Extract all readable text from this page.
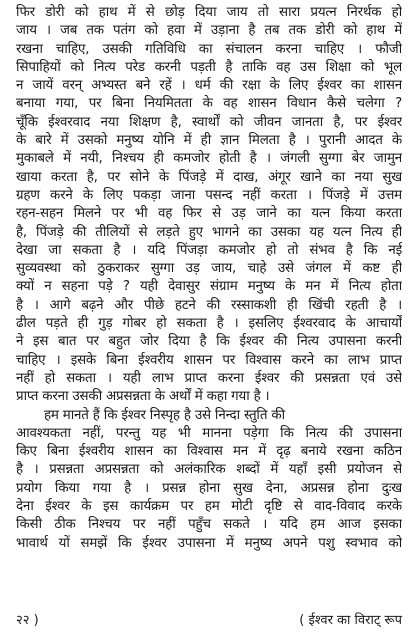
फिर डोरी को हाथ में से छोड़ दिया जाय तो सारा प्रयत्न निरर्थक हो
जाय । जब तक पतंग को हवा में उड़ाना है तब तक डोरी को हाथ में
रखना चाहिए, उसकी गतिविधि का संचालन करना चाहिए । फौजी
सिपाहियों को नित्य परेड करनी पड़ती है ताकि वह उस शिक्षा को भूल
न जायें वरन् अभ्यस्त बने रहें । धर्म की रक्षा के लिए ईश्वर का शासन
बनाया गया, पर बिना नियमितता के वह शासन विधान कैसे चलेगा ?
चूँकि ईश्वरवाद नया शिक्षण है, स्वार्थों को जीवन जानता है, पर ईश्वर
के बारे में उसको मनुष्य योनि में ही ज्ञान मिलता है । पुरानी आदत के
मुकाबले में नयी, निश्चय ही कमजोर होती है । जंगली सुग्गा बेर जामुन
खाया करता है, पर सोने के पिंजड़े में दाख, अंगूर खाने का नया सुख
ग्रहण करने के लिए पकड़ा जाना पसन्द नहीं करता । पिंजड़े में उत्तम
रहन-सहन मिलने पर भी वह फिर से उड़ जाने का यत्न किया करता
है, पिंजड़े की तीलियों से लड़ते हुए भागने का उसका यह यत्न नित्य ही
देखा जा सकता है । यदि पिंजड़ा कमजोर हो तो संभव है कि नई
सुव्यवस्था को ठुकराकर सुग्गा उड़ जाय, चाहे उसे जंगल में कष्ट ही
क्यों न सहना पड़े ? यही देवासुर संग्राम मनुष्य के मन में नित्य होता
है । आगे बढ़ने और पीछे हटने की रस्साकशी ही खिंची रहती है ।
ढील पड़ते ही गुड़ गोबर हो सकता है । इसलिए ईश्वरवाद के आचार्यों
ने इस बात पर बहुत जोर दिया है कि ईश्वर की नित्य उपासना करनी
चाहिए । इसके बिना ईश्वरीय शासन पर विश्वास करने का लाभ प्राप्त
नहीं हो सकता । यही लाभ प्राप्त करना ईश्वर की प्रसन्नता एवं उसे
प्राप्त करना उसकी अप्रसन्नता के अर्थों में कहा गया है ।
हम मानते हैं कि ईश्वर निस्पृह है उसे निन्दा स्तुति की
आवश्यकता नहीं, परन्तु यह भी मानना पड़ेगा कि नित्य की उपासना
किए बिना ईश्वरीय शासन का विश्वास मन में दृढ़ बनाये रखना कठिन
है । प्रसन्नता अप्रसन्नता को अलंकारिक शब्दों में यहाँ इसी प्रयोजन से
प्रयोग किया गया है । प्रसन्न होना सुख देना, अप्रसन्न होना दुःख
देना ईश्वर के इस कार्यक्रम पर हम मोटी दृष्टि से वाद-विवाद करके
किसी ठीक निश्चय पर नहीं पहुँच सकते । यदि हम आज इसका
भावार्थ यों समझें कि ईश्वर उपासना में मनुष्य अपने पशु स्वभाव को
२२ )	( ईश्वर का विराट् रूप
